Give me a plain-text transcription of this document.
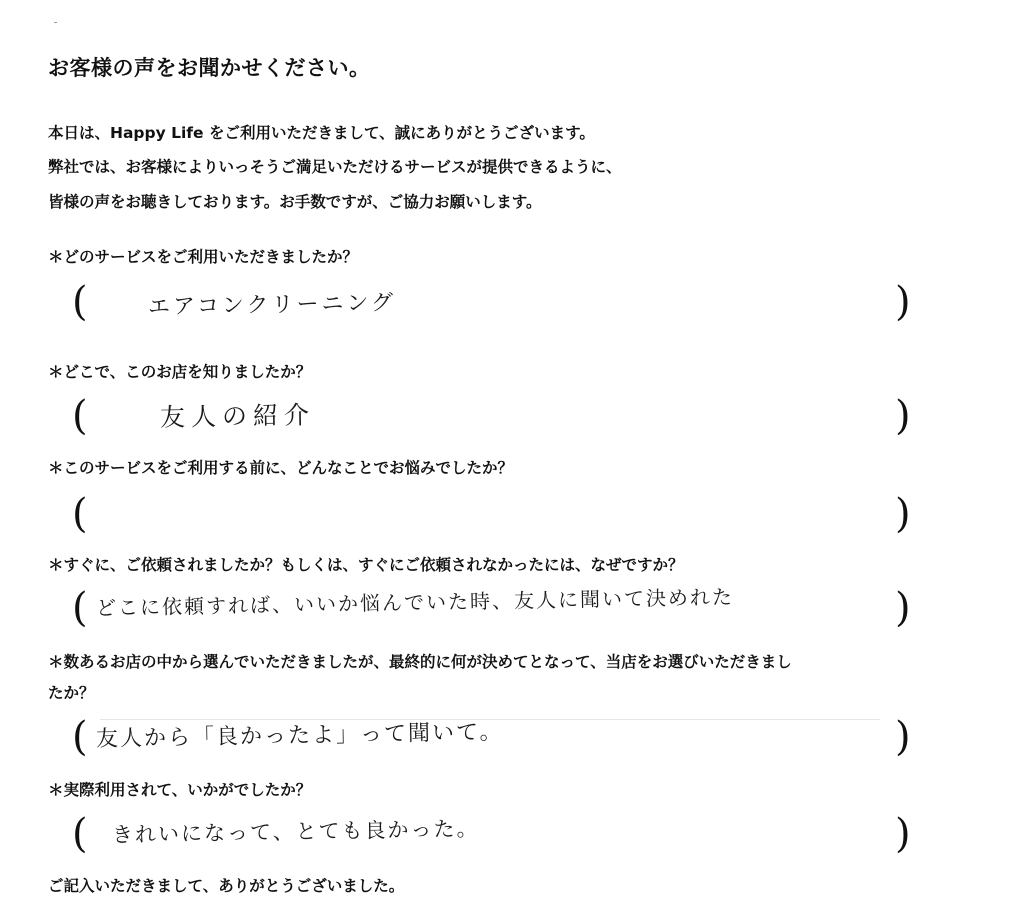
お客様の声をお聞かせください。
本日は、Happy Life をご利用いただきまして、誠にありがとうございます。
弊社では、お客様によりいっそうご満足いただけるサービスが提供できるように、
皆様の声をお聴きしております。お手数ですが、ご協力お願いします。
＊どのサービスをご利用いただきましたか？
(	エアコンクリーニング	)
＊どこで、このお店を知りましたか？
(	友人の紹介	)
＊このサービスをご利用する前に、どんなことでお悩みでしたか？
(	)
＊すぐに、ご依頼されましたか？もしくは、すぐにご依頼されなかったには、なぜですか？
( どこに依頼すれば、いいか悩んでいた時、友人に聞いて決めれた	)
＊数あるお店の中から選んでいただきましたが、最終的に何が決めてとなって、当店をお選びいただきまし
たか？
( 友人から「良かったよ」って聞いて。	)
＊実際利用されて、いかがでしたか？
( きれいになって、とても良かった。	)
ご記入いただきまして、ありがとうございました。
